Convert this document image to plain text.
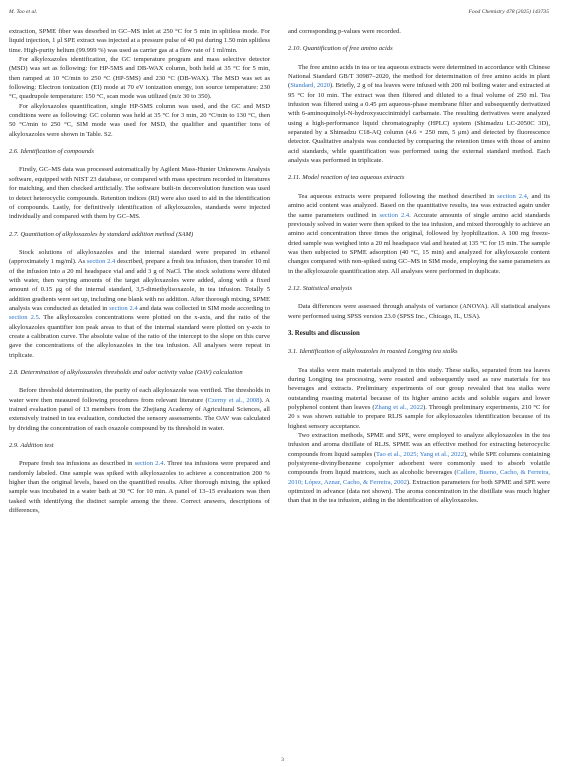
M. Tao et al.	Food Chemistry 478 (2025) 143735

extraction, SPME fiber was desorbed in GC–MS inlet at 250 °C for 5 min in splitless mode. For liquid injection, 1 μl SPE extract was injected at a pressure pulse of 40 psi during 1.50 min splitless time. High-purity helium (99.999 %) was used as carrier gas at a flow rate of 1 ml/min.

For alkyloxazoles identification, the GC temperature program and mass selective detector (MSD) was set as following: for HP-5MS and DB-WAX column, both held at 35 °C for 5 min, then ramped at 10 °C/min to 250 °C (HP-5MS) and 230 °C (DB-WAX). The MSD was set as following: Electron ionization (EI) mode at 70 eV ionization energy, ion source temperature: 230 °C, quadrupole temperature: 150 °C, scan mode was utilized (m/z 30 to 350).

For alkyloxazoles quantification, single HP-5MS column was used, and the GC and MSD conditions were as following: GC column was held at 35 °C for 3 min, 20 °C/min to 130 °C, then 50 °C/min to 250 °C, SIM mode was used for MSD, the qualifier and quantifier ions of alkyloxazoles were shown in Table. S2.

2.6. Identification of compounds

Firstly, GC–MS data was processed automatically by Agilent Mass-Hunter Unknowns Analysis software, equipped with NIST 23 database, or compared with mass spectrum recorded in literatures for matching, and then checked artificially. The software built-in deconvolution function was used to detect heterocyclic compounds. Retention indices (RI) were also used to aid in the identification of compounds. Lastly, for definitively identification of alkyloxazoles, standards were injected individually and compared with them by GC–MS.

2.7. Quantitation of alkyloxazoles by standard addition method (SAM)

Stock solutions of alkyloxazoles and the internal standard were prepared in ethanol (approximately 1 mg/ml). As section 2.4 described, prepare a fresh tea infusion, then transfer 10 ml of the infusion into a 20 ml headspace vial and add 3 g of NaCl. The stock solutions were diluted with water, then varying amounts of the target alkyloxazoles were added, along with a fixed amount of 0.15 μg of the internal standard, 3,5-dimethylisoxazole, in tea infusion. Totally 5 addition gradients were set up, including one blank with no addition. After thorough mixing, SPME analysis was conducted as detailed in section 2.4 and data was collected in SIM mode according to section 2.5. The alkyloxazoles concentrations were plotted on the x-axis, and the ratio of the alkyloxazoles quantifier ion peak areas to that of the internal standard were plotted on y-axis to create a calibration curve. The absolute value of the ratio of the intercept to the slope on this curve gave the concentrations of the alkyloxazoles in the tea infusion. All analyses were repeat in triplicate.

2.8. Determination of alkyloxazoles thresholds and odor activity value (OAV) calculation

Before threshold determination, the purity of each alkyloxazole was verified. The thresholds in water were then measured following procedures from relevant literature (Czerny et al., 2008). A trained evaluation panel of 13 members from the Zhejiang Academy of Agricultural Sciences, all extensively trained in tea evaluation, conducted the sensory assessments. The OAV was calculated by dividing the concentration of each oxazole compound by its threshold in water.

2.9. Addition test

Prepare fresh tea infusions as described in section 2.4. Three tea infusions were prepared and randomly labeled. One sample was spiked with alkyloxazoles to achieve a concentration 200 % higher than the original levels, based on the quantified results. After thorough mixing, the spiked sample was incubated in a water bath at 30 °C for 10 min. A panel of 13–15 evaluators was then tasked with identifying the distinct sample among the three. Correct answers, descriptions of differences,

and corresponding p-values were recorded.

2.10. Quantification of free amino acids

The free amino acids in tea or tea aqueous extracts were determined in accordance with Chinese National Standard GB/T 30987–2020, the method for determination of free amino acids in plant (Standard, 2020). Briefly, 2 g of tea leaves were infused with 200 ml boiling water and extracted at 95 °C for 10 min. The extract was then filtered and diluted to a final volume of 250 ml. Tea infusion was filtered using a 0.45 μm aqueous-phase membrane filter and subsequently derivatized with 6-aminoquinolyl-N-hydroxysuccinimidyl carbamate. The resulting derivatives were analyzed using a high-performance liquid chromatography (HPLC) system (Shimadzu LC-2050C 3D), separated by a Shimadzu C18-AQ column (4.6 × 250 mm, 5 μm) and detected by fluorescence detector. Qualitative analysis was conducted by comparing the retention times with those of amino acid standards, while quantification was performed using the external standard method. Each analysis was performed in triplicate.

2.11. Model reaction of tea aqueous extracts

Tea aqueous extracts were prepared following the method described in section 2.4, and its amino acid content was analyzed. Based on the quantitative results, tea was extracted again under the same parameters outlined in section 2.4. Accurate amounts of single amino acid standards previously solved in water were then spiked to the tea infusion, and mixed thoroughly to achieve an amino acid concentration three times the original, followed by lyophilization. A 100 mg freeze-dried sample was weighed into a 20 ml headspace vial and heated at 135 °C for 15 min. The sample was then subjected to SPME adsorption (40 °C, 15 min) and analyzed for alkyloxazole content changes compared with non-spiked using GC–MS in SIM mode, employing the same parameters as in the alkyloxazole quantification step. All analyses were performed in duplicate.

2.12. Statistical analysis

Data differences were assessed through analysis of variance (ANOVA). All statistical analyses were performed using SPSS version 23.0 (SPSS Inc., Chicago, IL, USA).

3. Results and discussion
3.1. Identification of alkyloxazoles in roasted Longjing tea stalks

Tea stalks were main materials analyzed in this study. These stalks, separated from tea leaves during Longjing tea processing, were roasted and subsequently used as raw materials for tea beverages and extracts. Preliminary experiments of our group revealed that tea stalks were outstanding roasting material because of its higher amino acids and soluble sugars and lower polyphenol content than leaves (Zhang et al., 2022). Through preliminary experiments, 210 °C for 20 s was shown suitable to prepare RLJS sample for alkyloxazoles identification because of its highest sensory acceptance.

Two extraction methods, SPME and SPE, were employed to analyze alkyloxazoles in the tea infusion and aroma distillate of RLJS. SPME was an effective method for extracting heterocyclic compounds from liquid samples (Tao et al., 2025; Yang et al., 2022), while SPE columns containing polystyrene-divinylbenzene copolymer adsorbent were commonly used to absorb volatile compounds from liquid matrices, such as alcoholic beverages (Callere, Bueno, Cacho, & Ferreira, 2010; López, Aznar, Cacho, & Ferreira, 2002). Extraction parameters for both SPME and SPE were optimized in advance (data not shown). The aroma concentration in the distillate was much higher than that in the tea infusion, aiding in the identification of alkyloxazoles.

3
